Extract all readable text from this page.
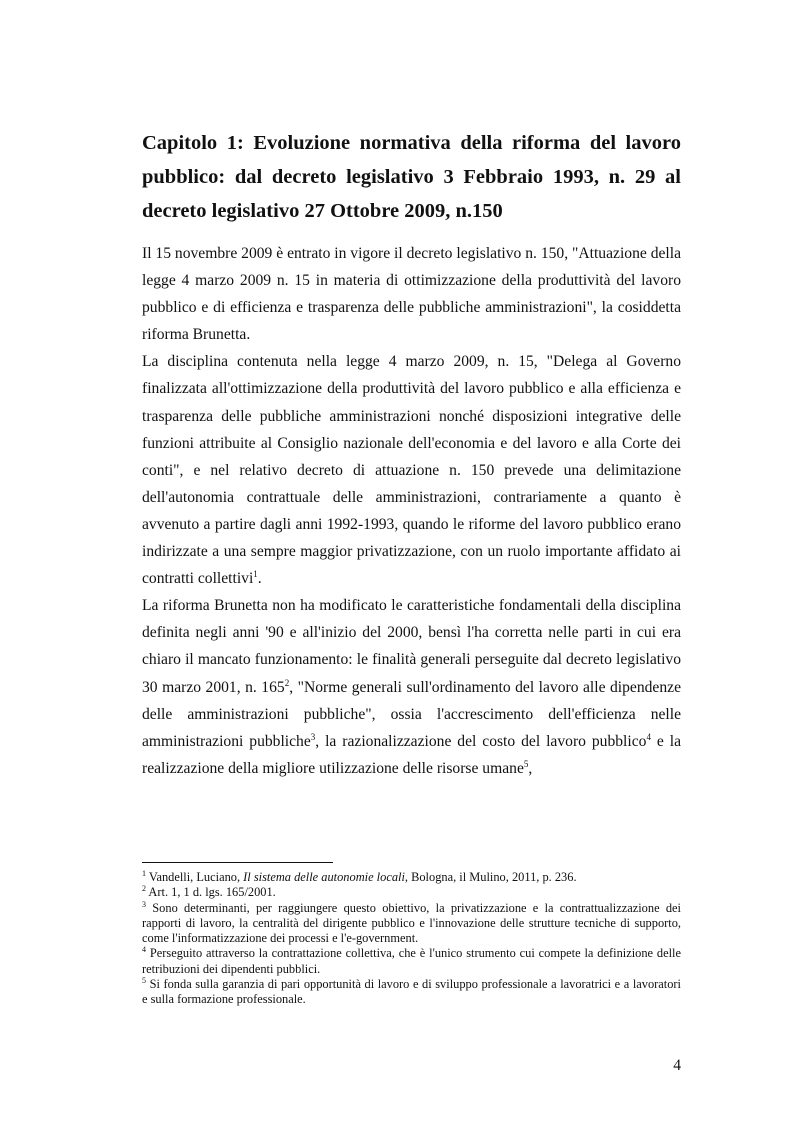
Capitolo 1: Evoluzione normativa della riforma del lavoro pubblico: dal decreto legislativo 3 Febbraio 1993, n. 29 al decreto legislativo 27 Ottobre 2009, n.150

Il 15 novembre 2009 è entrato in vigore il decreto legislativo n. 150, "Attuazione della legge 4 marzo 2009 n. 15 in materia di ottimizzazione della produttività del lavoro pubblico e di efficienza e trasparenza delle pubbliche amministrazioni", la cosiddetta riforma Brunetta.

La disciplina contenuta nella legge 4 marzo 2009, n. 15, "Delega al Governo finalizzata all'ottimizzazione della produttività del lavoro pubblico e alla efficienza e trasparenza delle pubbliche amministrazioni nonché disposizioni integrative delle funzioni attribuite al Consiglio nazionale dell'economia e del lavoro e alla Corte dei conti", e nel relativo decreto di attuazione n. 150 prevede una delimitazione dell'autonomia contrattuale delle amministrazioni, contrariamente a quanto è avvenuto a partire dagli anni 1992-1993, quando le riforme del lavoro pubblico erano indirizzate a una sempre maggior privatizzazione, con un ruolo importante affidato ai contratti collettivi$^1$.

La riforma Brunetta non ha modificato le caratteristiche fondamentali della disciplina definita negli anni '90 e all'inizio del 2000, bensì l'ha corretta nelle parti in cui era chiaro il mancato funzionamento: le finalità generali perseguite dal decreto legislativo 30 marzo 2001, n. $165^2$, "Norme generali sull'ordinamento del lavoro alle dipendenze delle amministrazioni pubbliche", ossia l'accrescimento dell'efficienza nelle amministrazioni pubbliche$^3$, la razionalizzazione del costo del lavoro pubblico$^4$ e la realizzazione della migliore utilizzazione delle risorse umane$^5$,

$^1$ Vandelli, Luciano, Il sistema delle autonomie locali, Bologna, il Mulino, 2011, p. 236.

$^2$ Art. 1, 1 d. lgs. 165/2001.

$^3$ Sono determinanti, per raggiungere questo obiettivo, la privatizzazione e la contrattualizzazione dei rapporti di lavoro, la centralità del dirigente pubblico e l'innovazione delle strutture tecniche di supporto, come l'informatizzazione dei processi e l'e-government.

$^4$ Perseguito attraverso la contrattazione collettiva, che è l'unico strumento cui compete la definizione delle retribuzioni dei dipendenti pubblici.

$^5$ Si fonda sulla garanzia di pari opportunità di lavoro e di sviluppo professionale a lavoratrici e a lavoratori e sulla formazione professionale.

4
